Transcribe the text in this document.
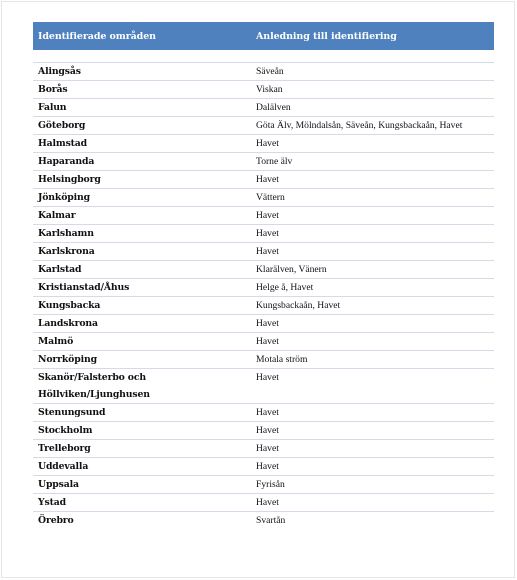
Identifierade områden	Anledning till identifiering

Alingsås	Säveån
Borås	Viskan
Falun	Dalälven
Göteborg	Göta Älv, Mölndalsån, Säveån, Kungsbackaån, Havet
Halmstad	Havet
Haparanda	Torne älv
Helsingborg	Havet
Jönköping	Vättern
Kalmar	Havet
Karlshamn	Havet
Karlskrona	Havet
Karlstad	Klarälven, Vänern
Kristianstad/Åhus	Helge å, Havet
Kungsbacka	Kungsbackaån, Havet
Landskrona	Havet
Malmö	Havet
Norrköping	Motala ström
Skanör/Falsterbo och Höllviken/Ljunghusen	Havet
Stenungsund	Havet
Stockholm	Havet
Trelleborg	Havet
Uddevalla	Havet
Uppsala	Fyrisån
Ystad	Havet
Örebro	Svartån
